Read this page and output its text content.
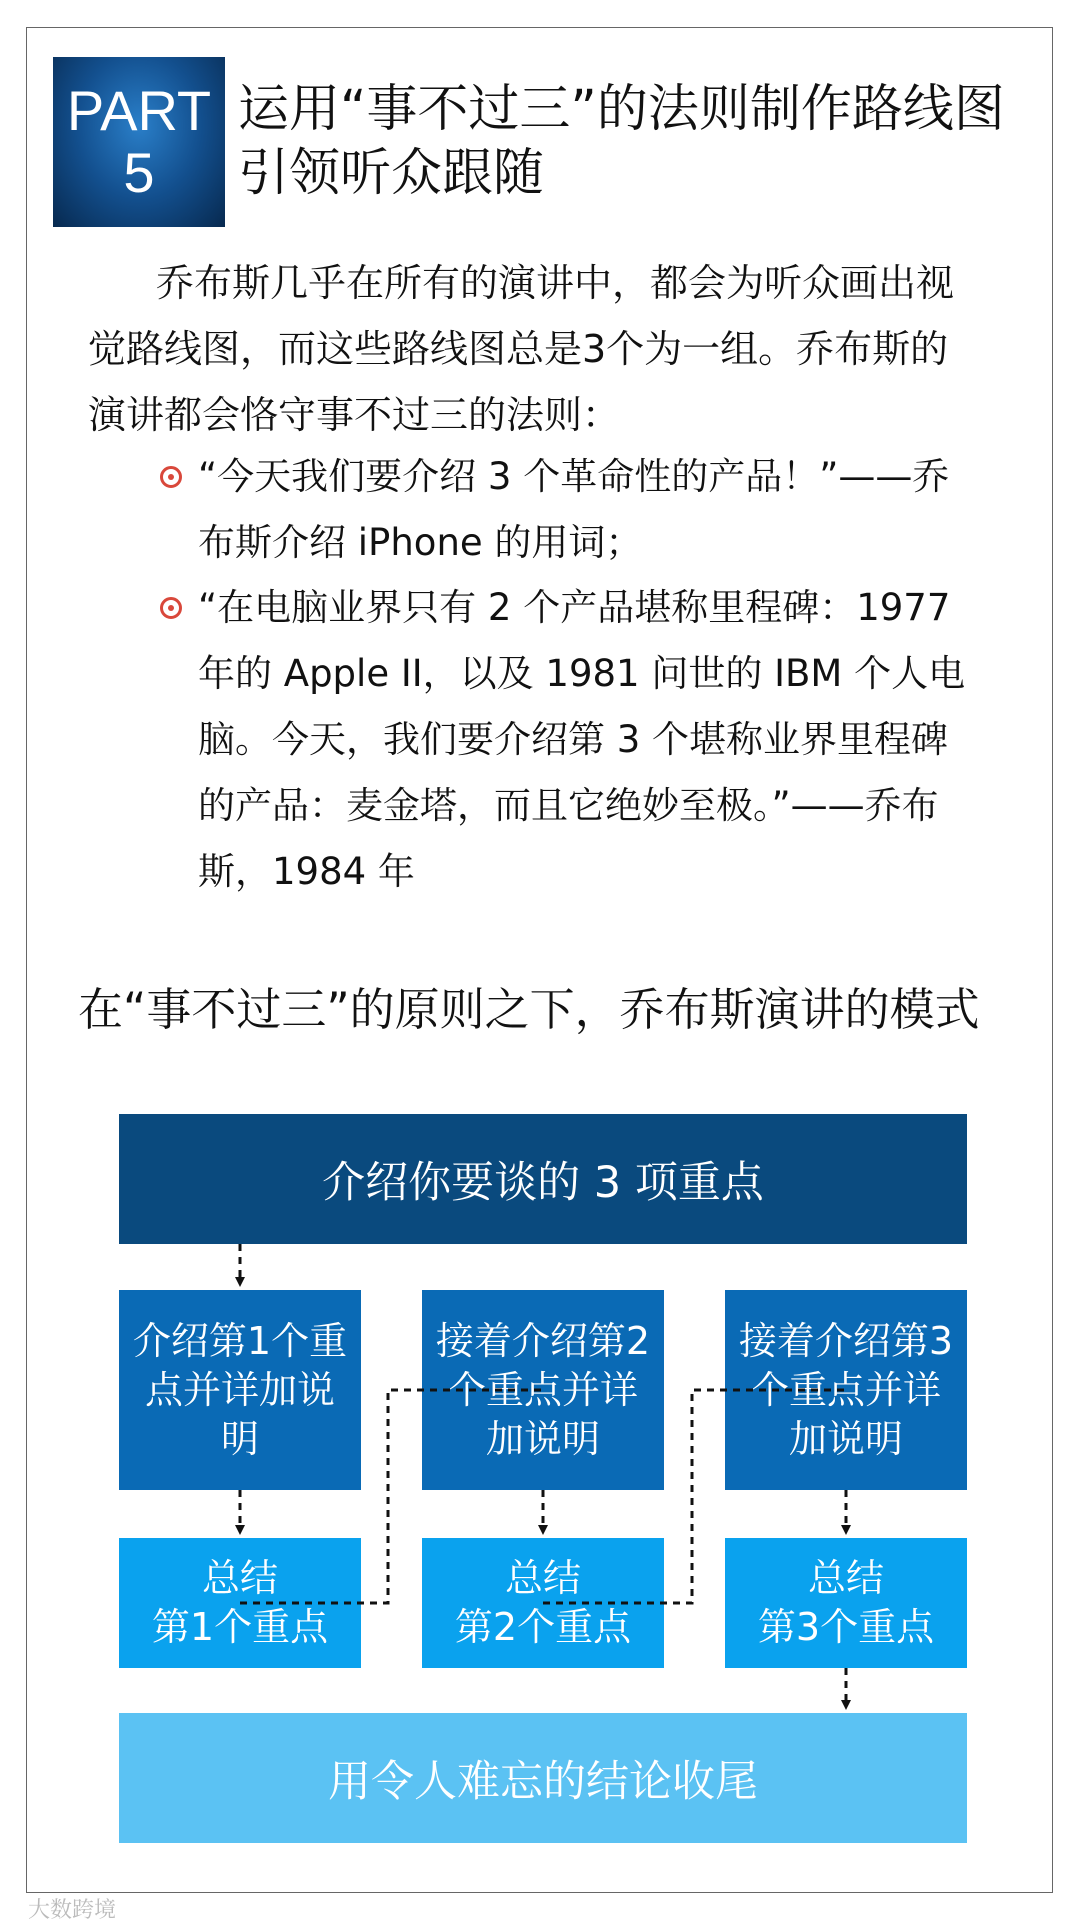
PART
5
运用“事不过三”的法则制作路线图
引领听众跟随
乔布斯几乎在所有的演讲中，都会为听众画出视
觉路线图，而这些路线图总是3个为一组。乔布斯的
演讲都会恪守事不过三的法则：
“今天我们要介绍 3 个革命性的产品！”——乔
布斯介绍 iPhone 的用词；
“在电脑业界只有 2 个产品堪称里程碑：1977
年的 Apple II，以及 1981 问世的 IBM 个人电
脑。今天，我们要介绍第 3 个堪称业界里程碑
的产品：麦金塔，而且它绝妙至极。”——乔布
斯，1984 年
在“事不过三”的原则之下，乔布斯演讲的模式
介绍你要谈的 3 项重点
介绍第1个重
点并详加说
明
接着介绍第2
个重点并详
加说明
接着介绍第3
个重点并详
加说明
总结
第1个重点
总结
第2个重点
总结
第3个重点
用令人难忘的结论收尾
大数跨境
